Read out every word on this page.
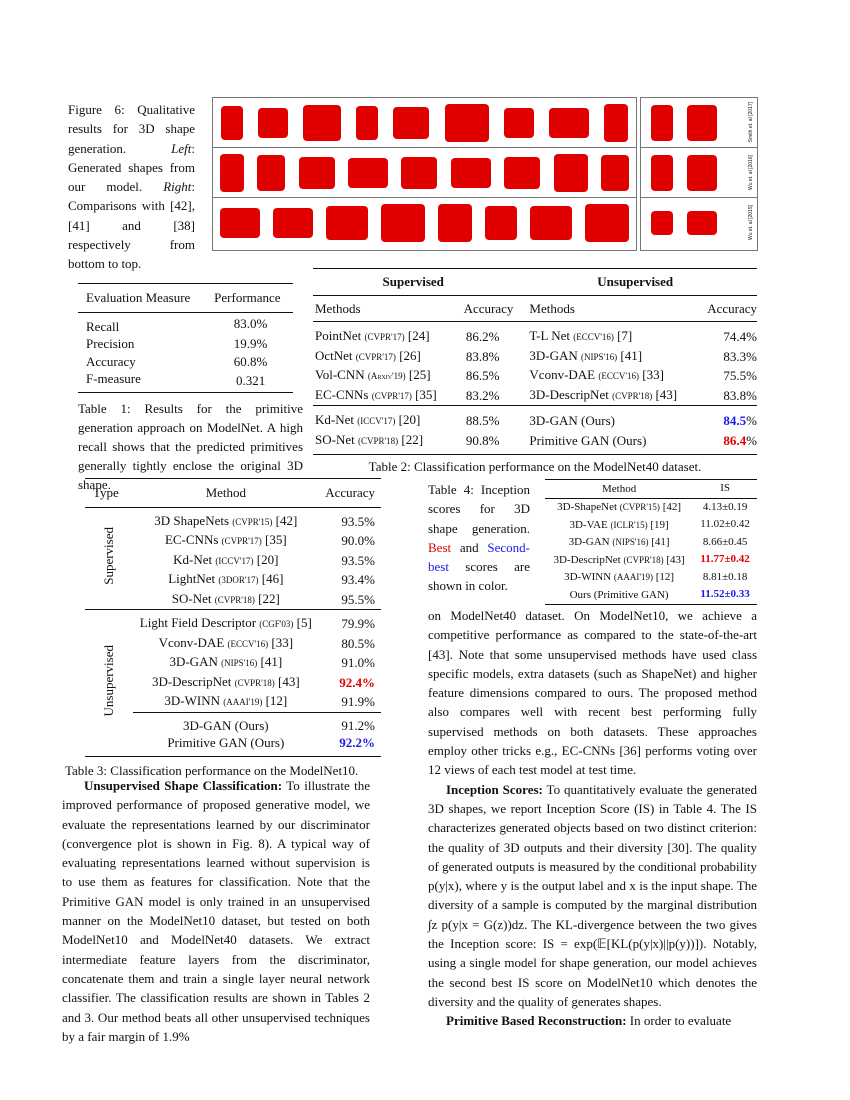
Figure 6: Qualitative results for 3D shape generation. Left: Generated shapes from our model. Right: Comparisons with [42], [41] and [38] respectively from bottom to top.
Smith et. al [2017]
Wu et. al [2016]
Wu et. al [2015]
Evaluation Measure	Performance
Recall	83.0%
Precision	19.9%
Accuracy	60.8%
F-measure	0.321
Table 1: Results for the primitive generation approach on ModelNet. A high recall shows that the predicted primitives generally tightly enclose the original 3D shape.
Supervised		Unsupervised	
Methods	Accuracy	Methods	Accuracy
PointNet (CVPR'17) [24]	86.2%	T-L Net (ECCV'16) [7]	74.4%
OctNet (CVPR'17) [26]	83.8%	3D-GAN (NIPS'16) [41]	83.3%
Vol-CNN (Arxiv'19) [25]	86.5%	Vconv-DAE (ECCV'16) [33]	75.5%
EC-CNNs (CVPR'17) [35]	83.2%	3D-DescripNet (CVPR'18) [43]	83.8%
Kd-Net (ICCV'17) [20]	88.5%	3D-GAN (Ours)	84.5%
SO-Net (CVPR'18) [22]	90.8%	Primitive GAN (Ours)	86.4%
Table 2: Classification performance on the ModelNet40 dataset.
Type	Method	Accuracy
Supervised	3D ShapeNets (CVPR'15) [42]	93.5%
	EC-CNNs (CVPR'17) [35]	90.0%
	Kd-Net (ICCV'17) [20]	93.5%
	LightNet (3DOR'17) [46]	93.4%
	SO-Net (CVPR'18) [22]	95.5%
Unsupervised	Light Field Descriptor (CGF'03) [5]	79.9%
	Vconv-DAE (ECCV'16) [33]	80.5%
	3D-GAN (NIPS'16) [41]	91.0%
	3D-DescripNet (CVPR'18) [43]	92.4%
	3D-WINN (AAAI'19) [12]	91.9%
	3D-GAN (Ours)	91.2%
	Primitive GAN (Ours)	92.2%
Table 3: Classification performance on the ModelNet10.
Table 4: Inception scores for 3D shape generation. Best and Second-best scores are shown in color.
Method	IS
3D-ShapeNet (CVPR'15) [42]	4.13±0.19
3D-VAE (ICLR'15) [19]	11.02±0.42
3D-GAN (NIPS'16) [41]	8.66±0.45
3D-DescripNet (CVPR'18) [43]	11.77±0.42
3D-WINN (AAAI'19) [12]	8.81±0.18
Ours (Primitive GAN)	11.52±0.33
Unsupervised Shape Classification: To illustrate the improved performance of proposed generative model, we evaluate the representations learned by our discriminator (convergence plot is shown in Fig. 8). A typical way of evaluating representations learned without supervision is to use them as features for classification. Note that the Primitive GAN model is only trained in an unsupervised manner on the ModelNet10 dataset, but tested on both ModelNet10 and ModelNet40 datasets. We extract intermediate feature layers from the discriminator, concatenate them and train a single layer neural network classifier. The classification results are shown in Tables 2 and 3. Our method beats all other unsupervised techniques by a fair margin of 1.9%
on ModelNet40 dataset. On ModelNet10, we achieve a competitive performance as compared to the state-of-the-art [43]. Note that some unsupervised methods have used class specific models, extra datasets (such as ShapeNet) and higher feature dimensions compared to ours. The proposed method also compares well with recent best performing fully supervised methods on both datasets. These approaches employ other tricks e.g., EC-CNNs [36] performs voting over 12 views of each test model at test time.
Inception Scores: To quantitatively evaluate the generated 3D shapes, we report Inception Score (IS) in Table 4. The IS characterizes generated objects based on two distinct criterion: the quality of 3D outputs and their diversity [30]. The quality of generated outputs is measured by the conditional probability p(y|x), where y is the output label and x is the input shape. The diversity of a sample is computed by the marginal distribution ∫z p(y|x = G(z))dz. The KL-divergence between the two gives the Inception score: IS = exp(𝔼[KL(p(y|x)||p(y))]). Notably, using a single model for shape generation, our model achieves the second best IS score on ModelNet10 which denotes the diversity and the quality of generates shapes.
Primitive Based Reconstruction: In order to evaluate
